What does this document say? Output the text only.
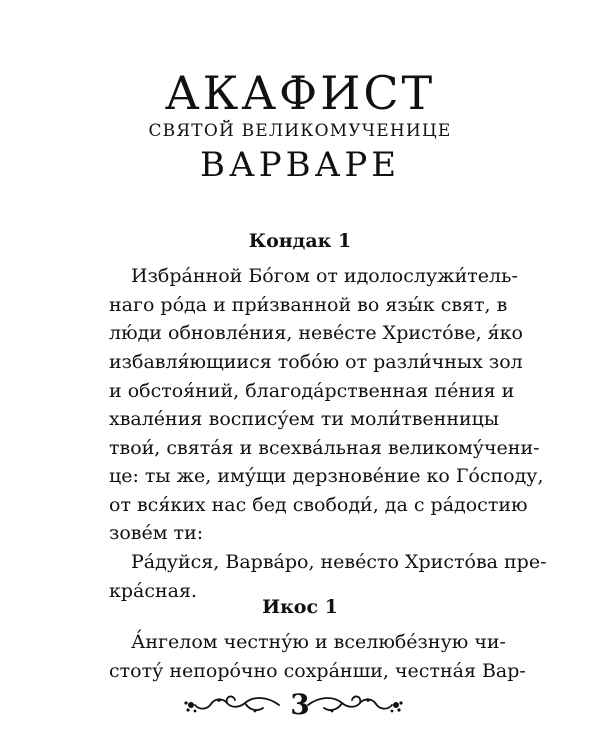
АКАФИСТ
СВЯТОЙ ВЕЛИКОМУЧЕНИЦЕ
ВАРВАРЕ
Кондак 1
Избра́нной Бо́гом от идолослужи́тель-
наго ро́да и при́званной во язы́к свят, в
лю́ди обновле́ния, неве́сте Христо́ве, я́ко
избавля́ющиися тобо́ю от разли́чных зол
и обстоя́ний, благода́рственная пе́ния и
хвале́ния воспису́ем ти моли́твенницы
твои́, свята́я и всехва́льная великому́чени-
це: ты же, иму́щи дерзнове́ние ко Го́споду,
от вся́ких нас бед свободи́, да с ра́достию
зове́м ти:
Ра́дуйся, Варва́ро, неве́сто Христо́ва пре-
кра́сная.
Икос 1
А́нгелом честну́ю и вселюбе́зную чи-
стоту́ непоро́чно сохра́нши, честна́я Вар-
3
